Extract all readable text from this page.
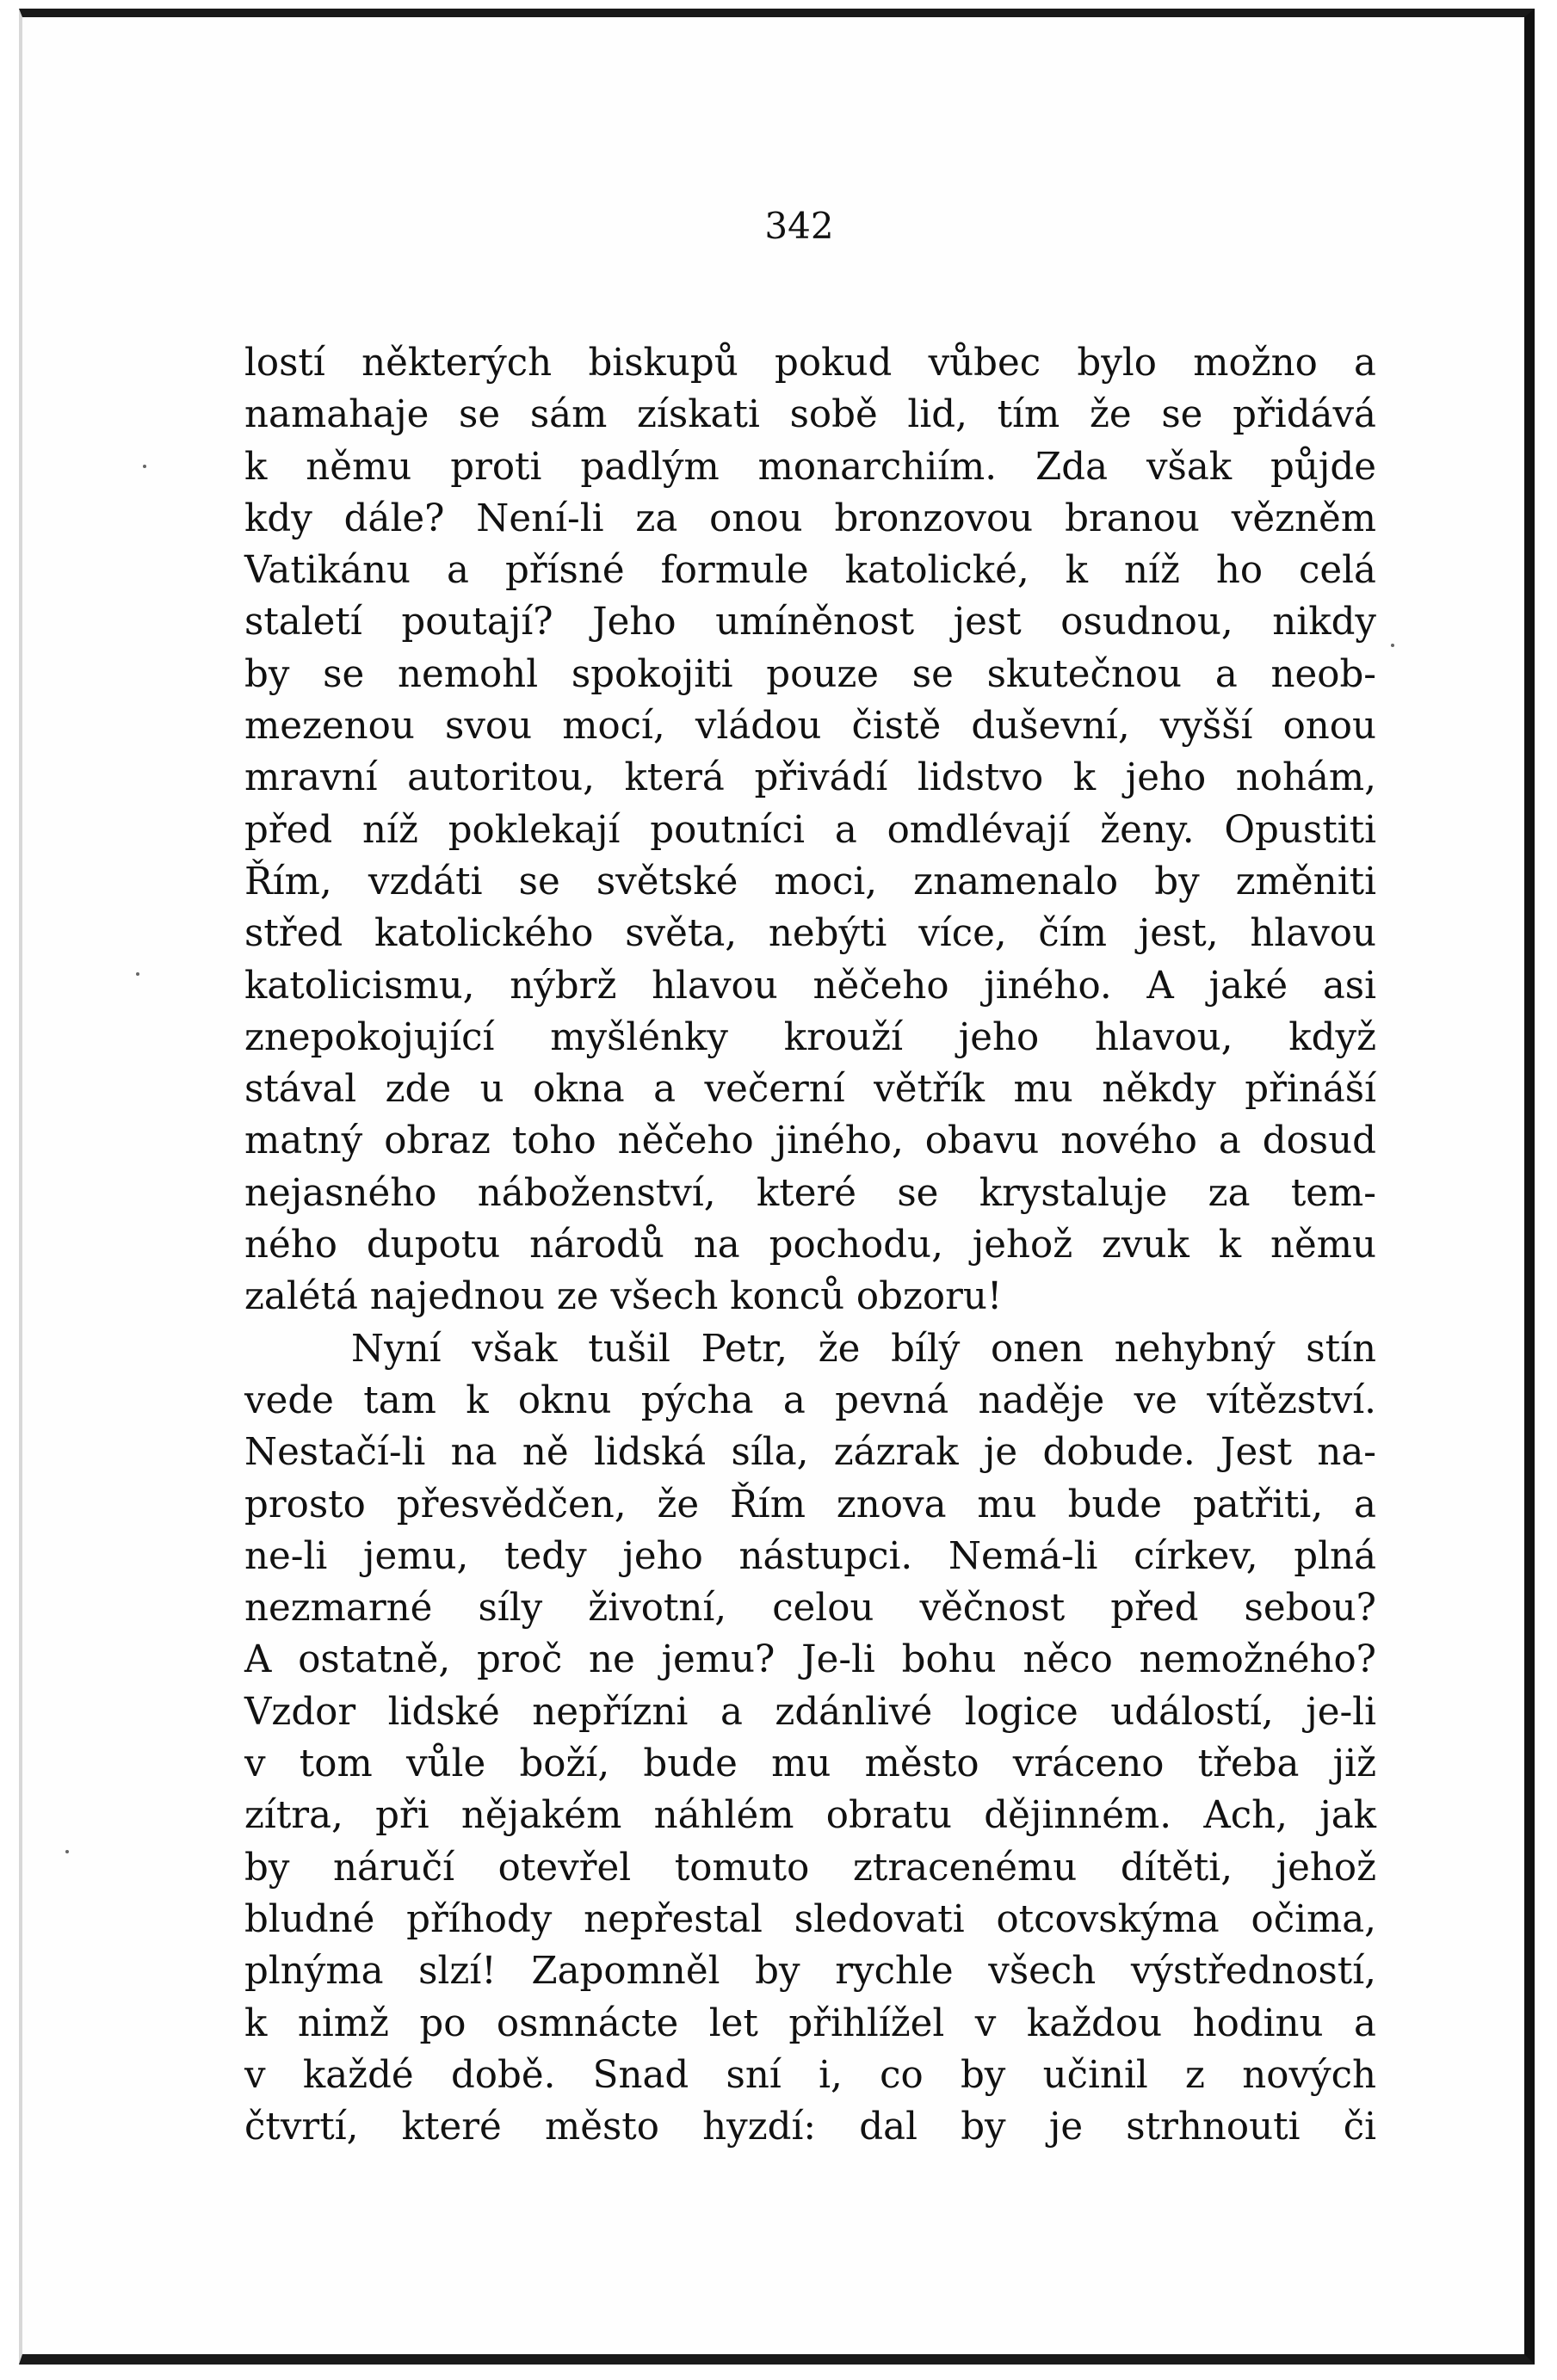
342
lostí některých biskupů pokud vůbec bylo možno a
namahaje se sám získati sobě lid, tím že se přidává
k němu proti padlým monarchiím. Zda však půjde
kdy dále? Není-li za onou bronzovou branou vězněm
Vatikánu a přísné formule katolické, k níž ho celá
staletí poutají? Jeho umíněnost jest osudnou, nikdy
by se nemohl spokojiti pouze se skutečnou a neob-
mezenou svou mocí, vládou čistě duševní, vyšší onou
mravní autoritou, která přivádí lidstvo k jeho nohám,
před níž poklekají poutníci a omdlévají ženy. Opustiti
Řím, vzdáti se světské moci, znamenalo by změniti
střed katolického světa, nebýti více, čím jest, hlavou
katolicismu, nýbrž hlavou něčeho jiného. A jaké asi
znepokojující myšlénky krouží jeho hlavou, když
stával zde u okna a večerní větřík mu někdy přináší
matný obraz toho něčeho jiného, obavu nového a dosud
nejasného náboženství, které se krystaluje za tem-
ného dupotu národů na pochodu, jehož zvuk k němu
zalétá najednou ze všech konců obzoru!
Nyní však tušil Petr, že bílý onen nehybný stín
vede tam k oknu pýcha a pevná naděje ve vítězství.
Nestačí-li na ně lidská síla, zázrak je dobude. Jest na-
prosto přesvědčen, že Řím znova mu bude patřiti, a
ne-li jemu, tedy jeho nástupci. Nemá-li církev, plná
nezmarné síly životní, celou věčnost před sebou?
A ostatně, proč ne jemu? Je-li bohu něco nemožného?
Vzdor lidské nepřízni a zdánlivé logice událostí, je-li
v tom vůle boží, bude mu město vráceno třeba již
zítra, při nějakém náhlém obratu dějinném. Ach, jak
by náručí otevřel tomuto ztracenému dítěti, jehož
bludné příhody nepřestal sledovati otcovskýma očima,
plnýma slzí! Zapomněl by rychle všech výstředností,
k nimž po osmnácte let přihlížel v každou hodinu a
v každé době. Snad sní i, co by učinil z nových
čtvrtí, které město hyzdí: dal by je strhnouti či
